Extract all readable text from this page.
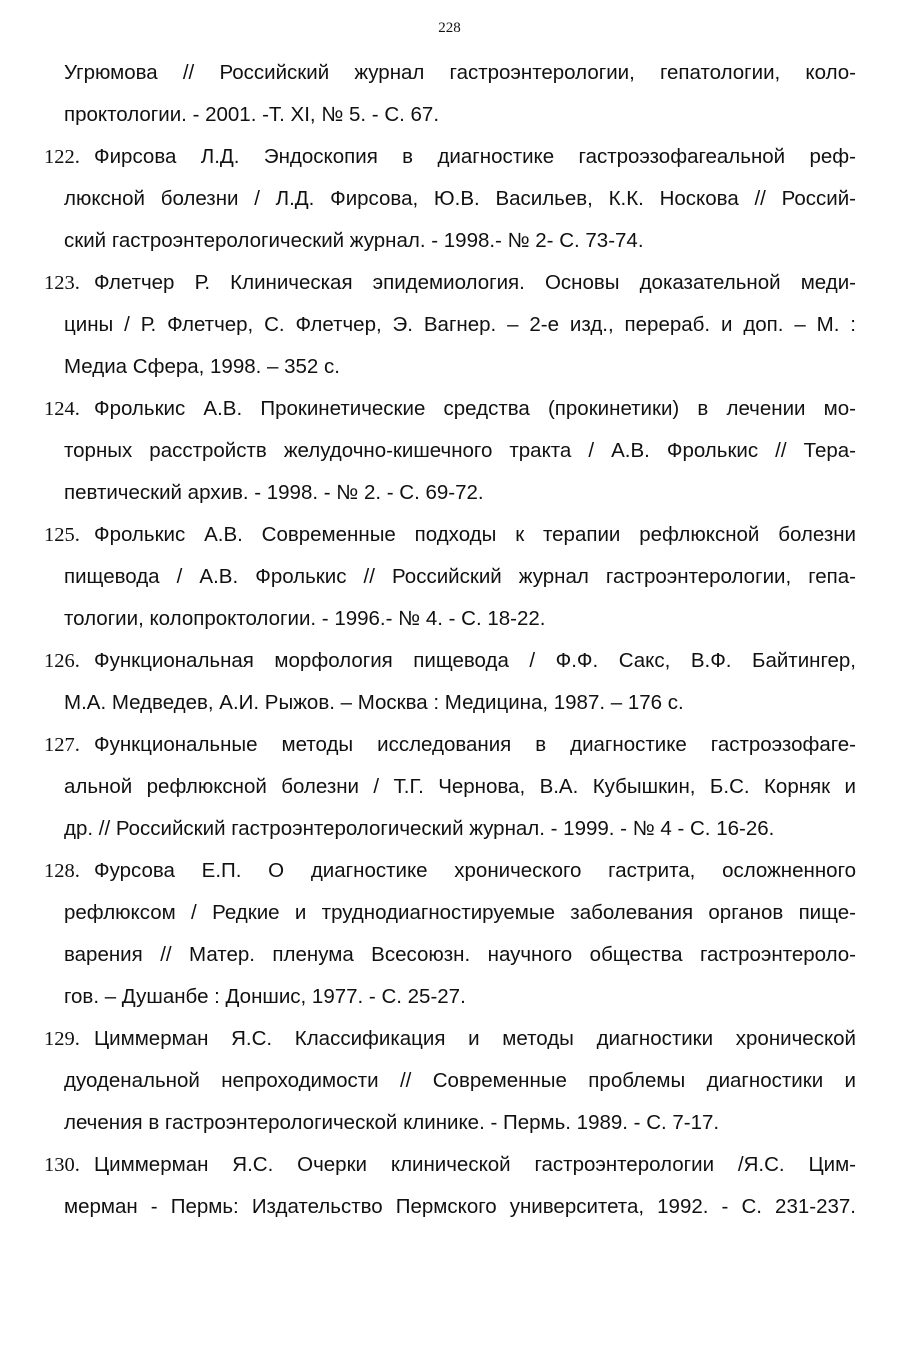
228
Угрюмова // Российский журнал гастроэнтерологии, гепатологии, коло-
проктологии. - 2001. -Т. XI, № 5. - С. 67.
122. Фирсова Л.Д. Эндоскопия в диагностике гастроэзофагеальной реф-
люксной болезни / Л.Д. Фирсова, Ю.В. Васильев, К.К. Носкова // Россий-
ский гастроэнтерологический журнал. - 1998.- № 2- С. 73-74.
123. Флетчер Р. Клиническая эпидемиология. Основы доказательной меди-
цины / Р. Флетчер, С. Флетчер, Э. Вагнер. – 2-е изд., перераб. и доп. – М. :
Медиа Сфера, 1998. – 352 с.
124. Фролькис А.В. Прокинетические средства (прокинетики) в лечении мо-
торных расстройств желудочно-кишечного тракта / А.В. Фролькис // Тера-
певтический архив. - 1998. - № 2. - С. 69-72.
125. Фролькис А.В. Современные подходы к терапии рефлюксной болезни
пищевода / А.В. Фролькис // Российский журнал гастроэнтерологии, гепа-
тологии, колопроктологии. - 1996.- № 4. - С. 18-22.
126. Функциональная морфология пищевода / Ф.Ф. Сакс, В.Ф. Байтингер,
М.А. Медведев, А.И. Рыжов. – Москва : Медицина, 1987. – 176 с.
127. Функциональные методы исследования в диагностике гастроэзофаге-
альной рефлюксной болезни / Т.Г. Чернова, В.А. Кубышкин, Б.С. Корняк и
др. // Российский гастроэнтерологический журнал. - 1999. - № 4 - С. 16-26.
128. Фурсова Е.П. О диагностике хронического гастрита, осложненного
рефлюксом / Редкие и труднодиагностируемые заболевания органов пище-
варения // Матер. пленума Всесоюзн. научного общества гастроэнтероло-
гов. – Душанбе : Доншис, 1977. - С. 25-27.
129. Циммерман Я.С. Классификация и методы диагностики хронической
дуоденальной непроходимости // Современные проблемы диагностики и
лечения в гастроэнтерологической клинике. - Пермь. 1989. - С. 7-17.
130. Циммерман Я.С. Очерки клинической гастроэнтерологии /Я.С. Цим-
мерман - Пермь: Издательство Пермского университета, 1992. - С. 231-237.
